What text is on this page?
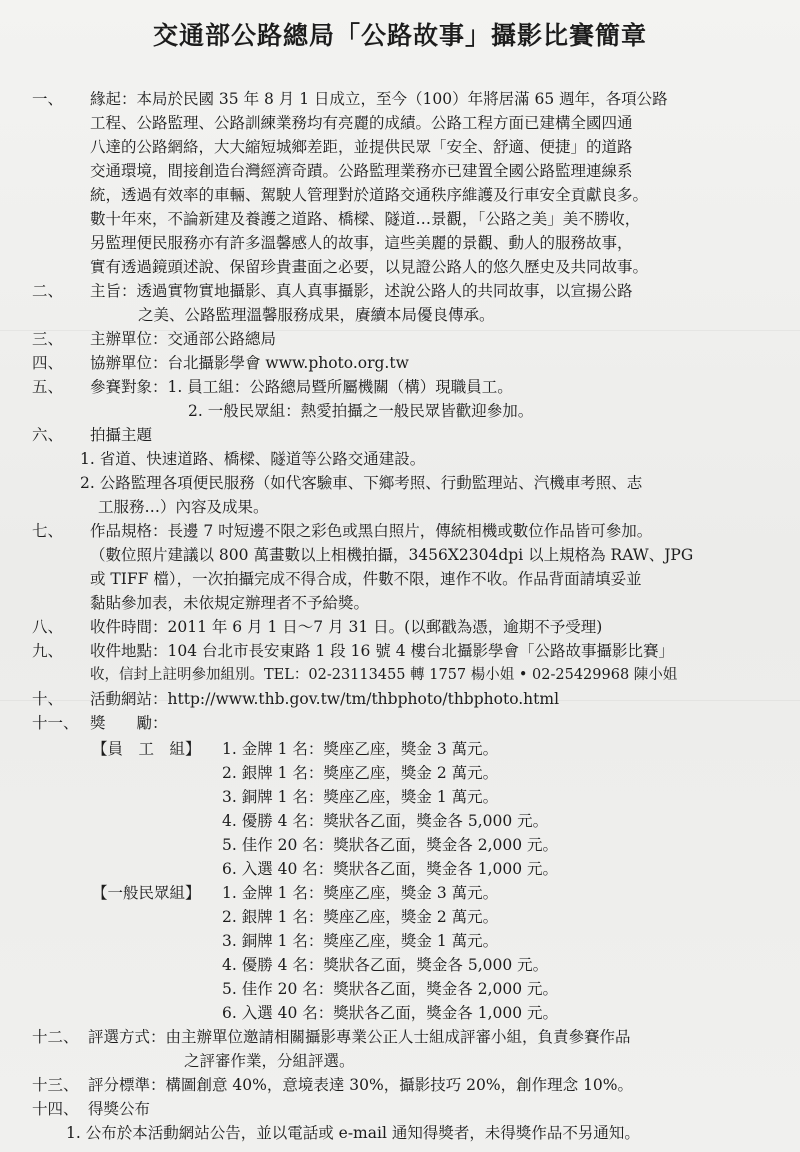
交通部公路總局「公路故事」攝影比賽簡章
一、 緣起：本局於民國 35 年 8 月 1 日成立，至今（100）年將居滿 65 週年，各項公路
工程、公路監理、公路訓練業務均有亮麗的成績。公路工程方面已建構全國四通
八達的公路網絡，大大縮短城鄉差距，並提供民眾「安全、舒適、便捷」的道路
交通環境，間接創造台灣經濟奇蹟。公路監理業務亦已建置全國公路監理連線系
統，透過有效率的車輛、駕駛人管理對於道路交通秩序維護及行車安全貢獻良多。
數十年來，不論新建及養護之道路、橋樑、隧道…景觀，「公路之美」美不勝收，
另監理便民服務亦有許多溫馨感人的故事，這些美麗的景觀、動人的服務故事，
實有透過鏡頭述說、保留珍貴畫面之必要，以見證公路人的悠久歷史及共同故事。
二、 主旨：透過實物實地攝影、真人真事攝影，述說公路人的共同故事，以宣揚公路
之美、公路監理溫馨服務成果，賡續本局優良傳承。
三、 主辦單位：交通部公路總局
四、 協辦單位：台北攝影學會 www.photo.org.tw
五、 參賽對象：1. 員工組：公路總局暨所屬機關（構）現職員工。
2. 一般民眾組：熱愛拍攝之一般民眾皆歡迎參加。
六、 拍攝主題
1. 省道、快速道路、橋樑、隧道等公路交通建設。
2. 公路監理各項便民服務（如代客驗車、下鄉考照、行動監理站、汽機車考照、志
工服務…）內容及成果。
七、 作品規格：長邊 7 吋短邊不限之彩色或黑白照片，傳統相機或數位作品皆可參加。
（數位照片建議以 800 萬畫數以上相機拍攝，3456X2304dpi 以上規格為 RAW、JPG
或 TIFF 檔），一次拍攝完成不得合成，件數不限，連作不收。作品背面請填妥並
黏貼參加表，未依規定辦理者不予給獎。
八、 收件時間：2011 年 6 月 1 日～7 月 31 日。(以郵戳為憑，逾期不予受理)
九、 收件地點：104 台北市長安東路 1 段 16 號 4 樓台北攝影學會「公路故事攝影比賽」
收，信封上註明參加組別。TEL：02-23113455 轉 1757 楊小姐 • 02-25429968 陳小姐
十、 活動網站：http://www.thb.gov.tw/tm/thbphoto/thbphoto.html
十一、 獎　　勵：
【員　工　組】 1. 金牌 1 名：獎座乙座，獎金 3 萬元。
2. 銀牌 1 名：獎座乙座，獎金 2 萬元。
3. 銅牌 1 名：獎座乙座，獎金 1 萬元。
4. 優勝 4 名：獎狀各乙面，獎金各 5,000 元。
5. 佳作 20 名：獎狀各乙面，獎金各 2,000 元。
6. 入選 40 名：獎狀各乙面，獎金各 1,000 元。
【一般民眾組】 1. 金牌 1 名：獎座乙座，獎金 3 萬元。
2. 銀牌 1 名：獎座乙座，獎金 2 萬元。
3. 銅牌 1 名：獎座乙座，獎金 1 萬元。
4. 優勝 4 名：獎狀各乙面，獎金各 5,000 元。
5. 佳作 20 名：獎狀各乙面，獎金各 2,000 元。
6. 入選 40 名：獎狀各乙面，獎金各 1,000 元。
十二、 評選方式：由主辦單位邀請相關攝影專業公正人士組成評審小組，負責參賽作品
之評審作業，分組評選。
十三、 評分標準：構圖創意 40%，意境表達 30%，攝影技巧 20%，創作理念 10%。
十四、 得獎公布
1. 公布於本活動網站公告，並以電話或 e-mail 通知得獎者，未得獎作品不另通知。
